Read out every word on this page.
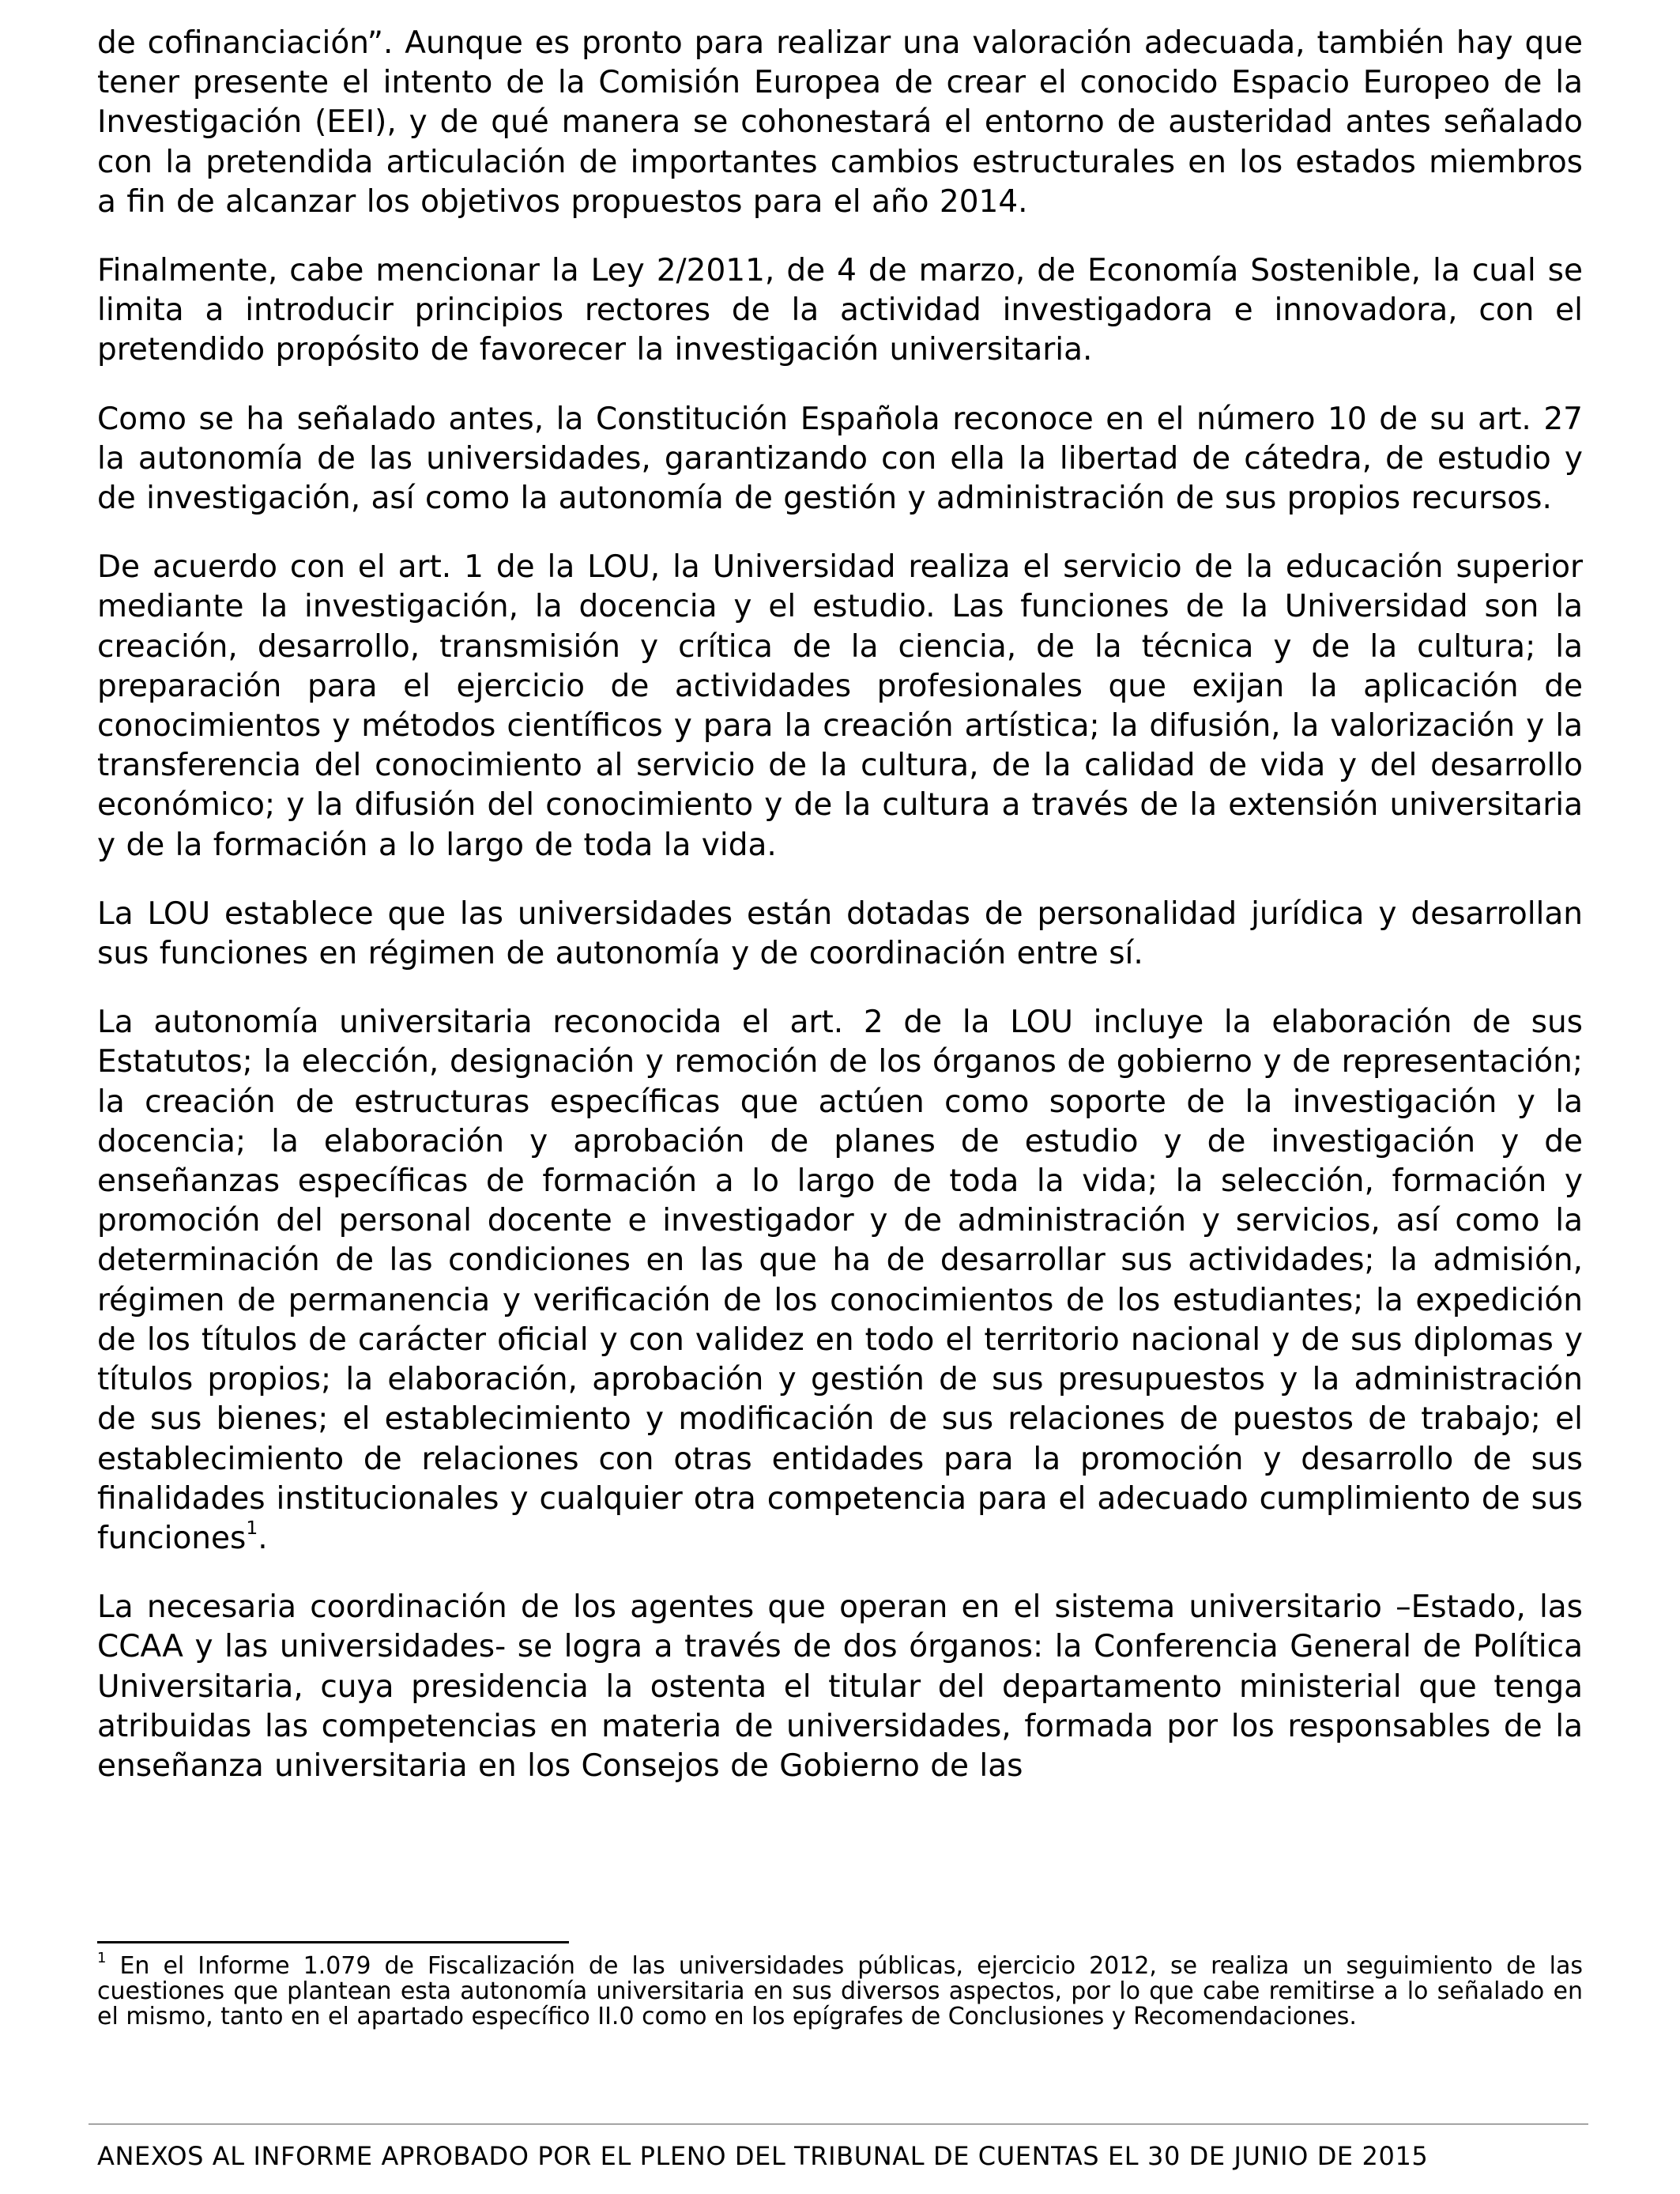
de cofinanciación”. Aunque es pronto para realizar una valoración adecuada, también hay que tener presente el intento de la Comisión Europea de crear el conocido Espacio Europeo de la Investigación (EEI), y de qué manera se cohonestará el entorno de austeridad antes señalado con la pretendida articulación de importantes cambios estructurales en los estados miembros a fin de alcanzar los objetivos propuestos para el año 2014.

Finalmente, cabe mencionar la Ley 2/2011, de 4 de marzo, de Economía Sostenible, la cual se limita a introducir principios rectores de la actividad investigadora e innovadora, con el pretendido propósito de favorecer la investigación universitaria.

Como se ha señalado antes, la Constitución Española reconoce en el número 10 de su art. 27 la autonomía de las universidades, garantizando con ella la libertad de cátedra, de estudio y de investigación, así como la autonomía de gestión y administración de sus propios recursos.

De acuerdo con el art. 1 de la LOU, la Universidad realiza el servicio de la educación superior mediante la investigación, la docencia y el estudio. Las funciones de la Universidad son la creación, desarrollo, transmisión y crítica de la ciencia, de la técnica y de la cultura; la preparación para el ejercicio de actividades profesionales que exijan la aplicación de conocimientos y métodos científicos y para la creación artística; la difusión, la valorización y la transferencia del conocimiento al servicio de la cultura, de la calidad de vida y del desarrollo económico; y la difusión del conocimiento y de la cultura a través de la extensión universitaria y de la formación a lo largo de toda la vida.

La LOU establece que las universidades están dotadas de personalidad jurídica y desarrollan sus funciones en régimen de autonomía y de coordinación entre sí.

La autonomía universitaria reconocida el art. 2 de la LOU incluye la elaboración de sus Estatutos; la elección, designación y remoción de los órganos de gobierno y de representación; la creación de estructuras específicas que actúen como soporte de la investigación y la docencia; la elaboración y aprobación de planes de estudio y de investigación y de enseñanzas específicas de formación a lo largo de toda la vida; la selección, formación y promoción del personal docente e investigador y de administración y servicios, así como la determinación de las condiciones en las que ha de desarrollar sus actividades; la admisión, régimen de permanencia y verificación de los conocimientos de los estudiantes; la expedición de los títulos de carácter oficial y con validez en todo el territorio nacional y de sus diplomas y títulos propios; la elaboración, aprobación y gestión de sus presupuestos y la administración de sus bienes; el establecimiento y modificación de sus relaciones de puestos de trabajo; el establecimiento de relaciones con otras entidades para la promoción y desarrollo de sus finalidades institucionales y cualquier otra competencia para el adecuado cumplimiento de sus funciones$^1$.

La necesaria coordinación de los agentes que operan en el sistema universitario –Estado, las CCAA y las universidades- se logra a través de dos órganos: la Conferencia General de Política Universitaria, cuya presidencia la ostenta el titular del departamento ministerial que tenga atribuidas las competencias en materia de universidades, formada por los responsables de la enseñanza universitaria en los Consejos de Gobierno de las

$^1$ En el Informe 1.079 de Fiscalización de las universidades públicas, ejercicio 2012, se realiza un seguimiento de las cuestiones que plantean esta autonomía universitaria en sus diversos aspectos, por lo que cabe remitirse a lo señalado en el mismo, tanto en el apartado específico II.0 como en los epígrafes de Conclusiones y Recomendaciones.

ANEXOS AL INFORME APROBADO POR EL PLENO DEL TRIBUNAL DE CUENTAS EL 30 DE JUNIO DE 2015
